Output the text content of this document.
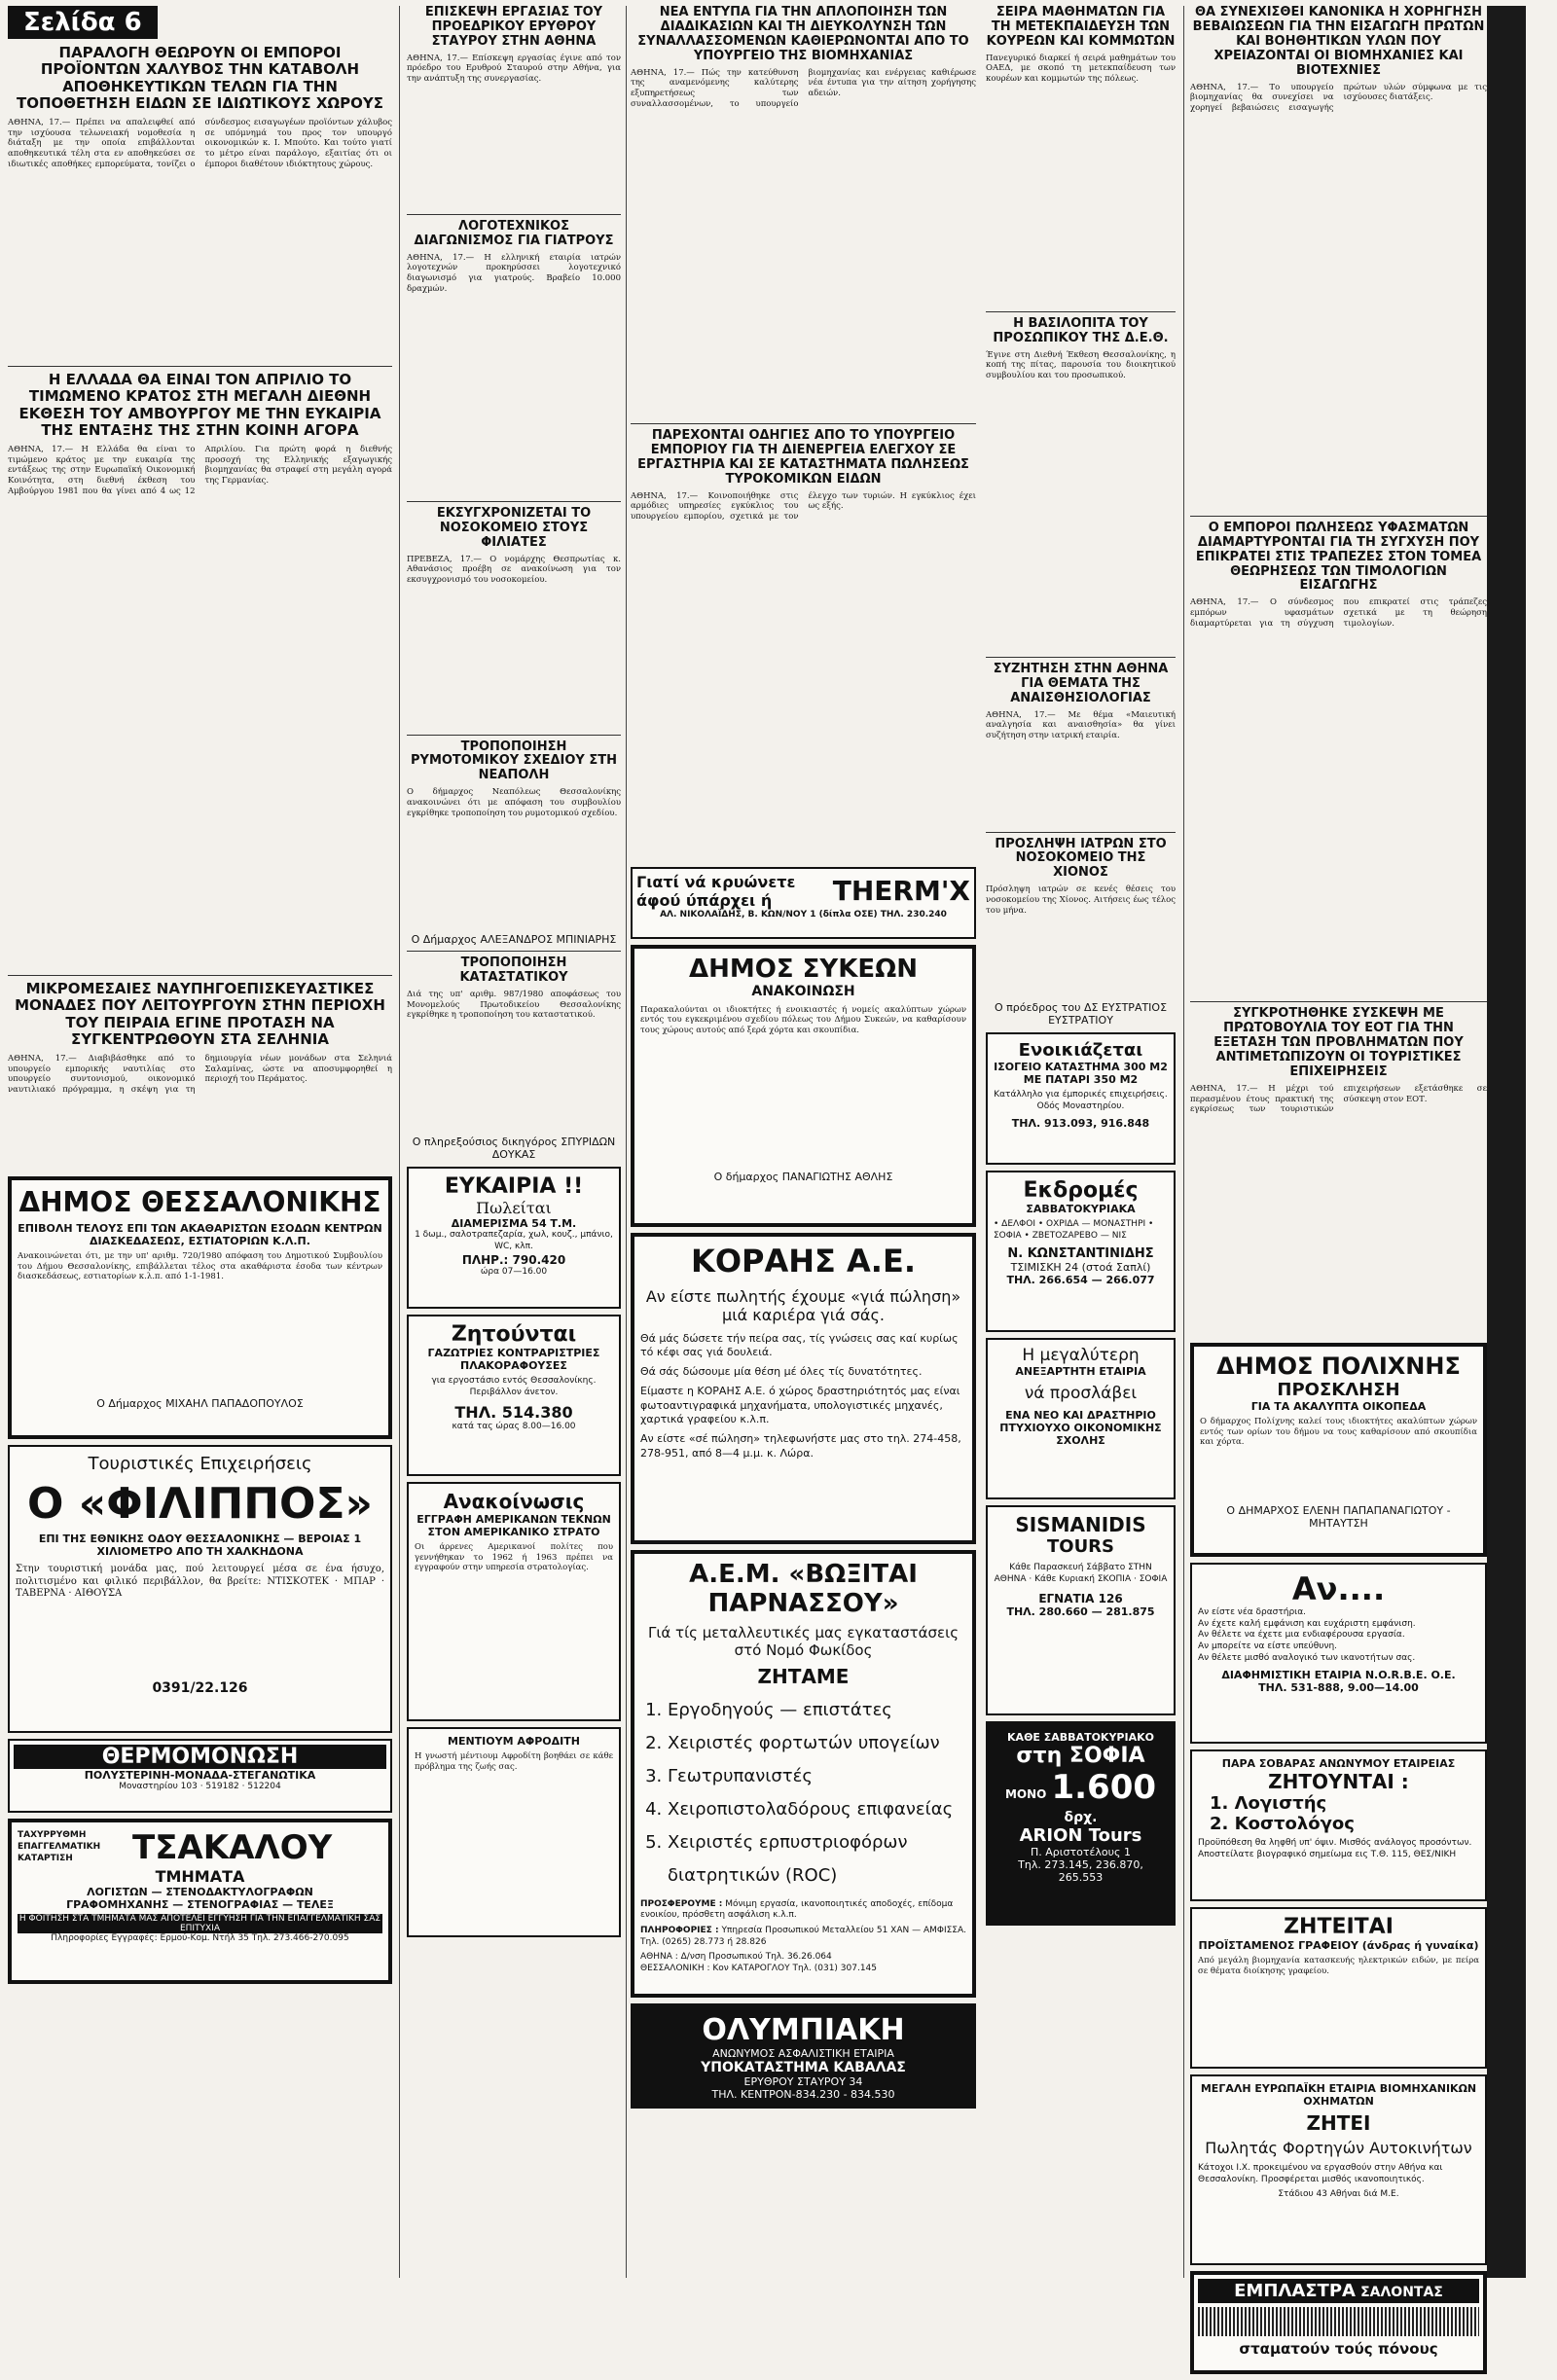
Σελίδα 6
ΠΑΡΑΛΟΓΗ ΘΕΩΡΟΥΝ ΟΙ ΕΜΠΟΡΟΙ ΠΡΟΪΟΝΤΩΝ ΧΑΛΥΒΟΣ ΤΗΝ ΚΑΤΑΒΟΛΗ ΑΠΟΘΗΚΕΥΤΙΚΩΝ ΤΕΛΩΝ ΓΙΑ ΤΗΝ ΤΟΠΟΘΕΤΗΣΗ ΕΙΔΩΝ ΣΕ ΙΔΙΩΤΙΚΟΥΣ ΧΩΡΟΥΣ
ΑΘΗΝΑ, 17.— Πρέπει να απαλειφθεί από την ισχύουσα τελωνειακή νομοθεσία η διάταξη με την οποία επιβάλλονται αποθηκευτικά τέλη στα εν αποθηκεύσει σε ιδιωτικές αποθήκες εμπορεύματα, τονίζει ο σύνδεσμος εισαγωγέων προϊόντων χάλυβος σε υπόμνημά του προς τον υπουργό οικονομικών κ. Ι. Μπούτο. Και τούτο γιατί το μέτρο είναι παράλογο, εξαιτίας ότι οι έμποροι διαθέτουν ιδιόκτητους χώρους.
Η ΕΛΛΑΔΑ ΘΑ ΕΙΝΑΙ ΤΟΝ ΑΠΡΙΛΙΟ ΤΟ ΤΙΜΩΜΕΝΟ ΚΡΑΤΟΣ ΣΤΗ ΜΕΓΑΛΗ ΔΙΕΘΝΗ ΕΚΘΕΣΗ ΤΟΥ ΑΜΒΟΥΡΓΟΥ ΜΕ ΤΗΝ ΕΥΚΑΙΡΙΑ ΤΗΣ ΕΝΤΑΞΗΣ ΤΗΣ ΣΤΗΝ ΚΟΙΝΗ ΑΓΟΡΑ
ΑΘΗΝΑ, 17.— Η Ελλάδα θα είναι το τιμώμενο κράτος με την ευκαιρία της εντάξεως της στην Ευρωπαϊκή Οικονομική Κοινότητα, στη διεθνή έκθεση του Αμβούργου 1981 που θα γίνει από 4 ως 12 Απριλίου. Για πρώτη φορά η διεθνής προσοχή της Ελληνικής εξαγωγικής βιομηχανίας θα στραφεί στη μεγάλη αγορά της Γερμανίας.
ΜΙΚΡΟΜΕΣΑΙΕΣ ΝΑΥΠΗΓΟΕΠΙΣΚΕΥΑΣΤΙΚΕΣ ΜΟΝΑΔΕΣ ΠΟΥ ΛΕΙΤΟΥΡΓΟΥΝ ΣΤΗΝ ΠΕΡΙΟΧΗ ΤΟΥ ΠΕΙΡΑΙΑ ΕΓΙΝΕ ΠΡΟΤΑΣΗ ΝΑ ΣΥΓΚΕΝΤΡΩΘΟΥΝ ΣΤΑ ΣΕΛΗΝΙΑ
ΑΘΗΝΑ, 17.— Διαβιβάσθηκε από το υπουργείο εμπορικής ναυτιλίας στο υπουργείο συντονισμού, οικονομικό ναυτιλιακό πρόγραμμα, η σκέψη για τη δημιουργία νέων μονάδων στα Σεληνιά Σαλαμίνας, ώστε να αποσυμφορηθεί η περιοχή του Περάματος.
ΔΗΜΟΣ ΘΕΣΣΑΛΟΝΙΚΗΣ
ΕΠΙΒΟΛΗ ΤΕΛΟΥΣ ΕΠΙ ΤΩΝ ΑΚΑΘΑΡΙΣΤΩΝ ΕΣΟΔΩΝ ΚΕΝΤΡΩΝ ΔΙΑΣΚΕΔΑΣΕΩΣ, ΕΣΤΙΑΤΟΡΙΩΝ Κ.Λ.Π.
Ανακοινώνεται ότι, με την υπ' αριθμ. 720/1980 απόφαση του Δημοτικού Συμβουλίου του Δήμου Θεσσαλονίκης, επιβάλλεται τέλος στα ακαθάριστα έσοδα των κέντρων διασκεδάσεως, εστιατορίων κ.λ.π. από 1-1-1981.
Ο Δήμαρχος ΜΙΧΑΗΛ ΠΑΠΑΔΟΠΟΥΛΟΣ
Τουριστικές Επιχειρήσεις
Ο «ΦΙΛΙΠΠΟΣ»
ΕΠΙ ΤΗΣ ΕΘΝΙΚΗΣ ΟΔΟΥ ΘΕΣΣΑΛΟΝΙΚΗΣ — ΒΕΡΟΙΑΣ 1 ΧΙΛΙΟΜΕΤΡΟ ΑΠΟ ΤΗ ΧΑΛΚΗΔΟΝΑ
Στην τουριστική μονάδα μας, πού λειτουργεί μέσα σε ένα ήσυχο, πολιτισμένο και φιλικό περιβάλλον, θα βρείτε: ΝΤΙΣΚΟΤΕΚ · ΜΠΑΡ · ΤΑΒΕΡΝΑ · ΑΙΘΟΥΣΑ
0391/22.126
ΘΕΡΜΟΜΟΝΩΣΗ
ΠΟΛΥΣΤΕΡΙΝΗ-ΜΟΝΑΔΑ-ΣΤΕΓΑΝΩΤΙΚΑ
Μοναστηρίου 103 · 519182 · 512204
ΤΑΧΥΡΡΥΘΜΗ ΕΠΑΓΓΕΛΜΑΤΙΚΗ ΚΑΤΑΡΤΙΣΗ	ΤΣΑΚΑΛΟΥ
ΤΜΗΜΑΤΑ
ΛΟΓΙΣΤΩΝ — ΣΤΕΝΟΔΑΚΤΥΛΟΓΡΑΦΩΝ
ΓΡΑΦΟΜΗΧΑΝΗΣ — ΣΤΕΝΟΓΡΑΦΙΑΣ — ΤΕΛΕΞ
Η ΦΟΙΤΗΣΗ ΣΤΑ ΤΜΗΜΑΤΑ ΜΑΣ ΑΠΟΤΕΛΕΙ ΕΓΓΥΗΣΗ ΓΙΑ ΤΗΝ ΕΠΑΓΓΕΛΜΑΤΙΚΗ ΣΑΣ ΕΠΙΤΥΧΙΑ
Πληροφορίες Εγγραφές: Ερμού-Κομ. Ντήλ 35 Τηλ. 273.466-270.095
ΕΠΙΣΚΕΨΗ ΕΡΓΑΣΙΑΣ ΤΟΥ ΠΡΟΕΔΡΙΚΟΥ ΕΡΥΘΡΟΥ ΣΤΑΥΡΟΥ ΣΤΗΝ ΑΘΗΝΑ
ΑΘΗΝΑ, 17.— Επίσκεψη εργασίας έγινε από τον πρόεδρο του Ερυθρού Σταυρού στην Αθήνα, για την ανάπτυξη της συνεργασίας.
ΛΟΓΟΤΕΧΝΙΚΟΣ ΔΙΑΓΩΝΙΣΜΟΣ ΓΙΑ ΓΙΑΤΡΟΥΣ
ΑΘΗΝΑ, 17.— Η ελληνική εταιρία ιατρών λογοτεχνών προκηρύσσει λογοτεχνικό διαγωνισμό για γιατρούς. Βραβείο 10.000 δραχμών.
ΕΚΣΥΓΧΡΟΝΙΖΕΤΑΙ ΤΟ ΝΟΣΟΚΟΜΕΙΟ ΣΤΟΥΣ ΦΙΛΙΑΤΕΣ
ΠΡΕΒΕΖΑ, 17.— Ο νομάρχης Θεσπρωτίας κ. Αθανάσιος προέβη σε ανακοίνωση για τον εκσυγχρονισμό του νοσοκομείου.
ΤΡΟΠΟΠΟΙΗΣΗ ΡΥΜΟΤΟΜΙΚΟΥ ΣΧΕΔΙΟΥ ΣΤΗ ΝΕΑΠΟΛΗ
Ο δήμαρχος Νεαπόλεως Θεσσαλονίκης ανακοινώνει ότι με απόφαση του συμβουλίου εγκρίθηκε τροποποίηση του ρυμοτομικού σχεδίου.
Ο Δήμαρχος ΑΛΕΞΑΝΔΡΟΣ ΜΠΙΝΙΑΡΗΣ
ΤΡΟΠΟΠΟΙΗΣΗ ΚΑΤΑΣΤΑΤΙΚΟΥ
Διά της υπ' αριθμ. 987/1980 αποφάσεως του Μονομελούς Πρωτοδικείου Θεσσαλονίκης εγκρίθηκε η τροποποίηση του καταστατικού.
Ο πληρεξούσιος δικηγόρος ΣΠΥΡΙΔΩΝ ΔΟΥΚΑΣ
ΕΥΚΑΙΡΙΑ !!
Πωλείται
ΔΙΑΜΕΡΙΣΜΑ 54 Τ.Μ.
1 δωμ., σαλοτραπεζαρία, χωλ, κουζ., μπάνιο, WC, κλπ.
ΠΛΗΡ.: 790.420
ώρα 07—16.00
Ζητούνται
ΓΑΖΩΤΡΙΕΣ ΚΟΝΤΡΑΡΙΣΤΡΙΕΣ ΠΛΑΚΟΡΑΦΟΥΣΕΣ
για εργοστάσιο εντός Θεσσαλονίκης. Περιβάλλον άνετον.
ΤΗΛ. 514.380
κατά τας ώρας 8.00—16.00
Ανακοίνωσις
ΕΓΓΡΑΦΗ ΑΜΕΡΙΚΑΝΩΝ ΤΕΚΝΩΝ ΣΤΟΝ ΑΜΕΡΙΚΑΝΙΚΟ ΣΤΡΑΤΟ
Οι άρρενες Αμερικανοί πολίτες που γεννήθηκαν το 1962 ή 1963 πρέπει να εγγραφούν στην υπηρεσία στρατολογίας.
ΜΕΝΤΙΟΥΜ ΑΦΡΟΔΙΤΗ
Η γνωστή μέντιουμ Αφροδίτη βοηθάει σε κάθε πρόβλημα της ζωής σας.
ΝΕΑ ΕΝΤΥΠΑ ΓΙΑ ΤΗΝ ΑΠΛΟΠΟΙΗΣΗ ΤΩΝ ΔΙΑΔΙΚΑΣΙΩΝ ΚΑΙ ΤΗ ΔΙΕΥΚΟΛΥΝΣΗ ΤΩΝ ΣΥΝΑΛΛΑΣΣΟΜΕΝΩΝ ΚΑΘΙΕΡΩΝΟΝΤΑΙ ΑΠΟ ΤΟ ΥΠΟΥΡΓΕΙΟ ΤΗΣ ΒΙΟΜΗΧΑΝΙΑΣ
ΑΘΗΝΑ, 17.— Πώς την κατεύθυνση της αναμενόμενης καλύτερης εξυπηρετήσεως των συναλλασσομένων, το υπουργείο βιομηχανίας και ενέργειας καθιέρωσε νέα έντυπα για την αίτηση χορήγησης αδειών.
ΠΑΡΕΧΟΝΤΑΙ ΟΔΗΓΙΕΣ ΑΠΟ ΤΟ ΥΠΟΥΡΓΕΙΟ ΕΜΠΟΡΙΟΥ ΓΙΑ ΤΗ ΔΙΕΝΕΡΓΕΙΑ ΕΛΕΓΧΟΥ ΣΕ ΕΡΓΑΣΤΗΡΙΑ ΚΑΙ ΣΕ ΚΑΤΑΣΤΗΜΑΤΑ ΠΩΛΗΣΕΩΣ ΤΥΡΟΚΟΜΙΚΩΝ ΕΙΔΩΝ
ΑΘΗΝΑ, 17.— Κοινοποιήθηκε στις αρμόδιες υπηρεσίες εγκύκλιος του υπουργείου εμπορίου, σχετικά με τον έλεγχο των τυριών. Η εγκύκλιος έχει ως εξής.
Γιατί νά κρυώνετε
άφού ύπάρχει ή	THERM'X
ΑΛ. ΝΙΚΟΛΑΪΔΗΣ, Β. ΚΩΝ/ΝΟΥ 1 (δίπλα ΟΣΕ) ΤΗΛ. 230.240
ΔΗΜΟΣ ΣΥΚΕΩΝ
ΑΝΑΚΟΙΝΩΣΗ
Παρακαλούνται οι ιδιοκτήτες ή ενοικιαστές ή νομείς ακαλύπτων χώρων εντός του εγκεκριμένου σχεδίου πόλεως του Δήμου Συκεών, να καθαρίσουν τους χώρους αυτούς από ξερά χόρτα και σκουπίδια.
Ο δήμαρχος ΠΑΝΑΓΙΩΤΗΣ ΑΘΛΗΣ
ΚΟΡΑΗΣ Α.Ε.
Αν είστε πωλητής έχουμε «γιά πώληση» μιά καριέρα γιά σάς.
Θά μάς δώσετε τήν πείρα σας, τίς γνώσεις σας καί κυρίως τό κέφι σας γιά δουλειά.
Θά σάς δώσουμε μία θέση μέ όλες τίς δυνατότητες.
Είμαστε η ΚΟΡΑΗΣ Α.Ε. ό χώρος δραστηριότητός μας είναι φωτοαντιγραφικά μηχανήματα, υπολογιστικές μηχανές, χαρτικά γραφείου κ.λ.π.
Αν είστε «σέ πώληση» τηλεφωνήστε μας στο τηλ. 274-458, 278-951, από 8—4 μ.μ. κ. Λώρα.
Α.Ε.Μ. «ΒΩΞΙΤΑΙ ΠΑΡΝΑΣΣΟΥ»
Γιά τίς μεταλλευτικές μας εγκαταστάσεις στό Νομό Φωκίδος
ΖΗΤΑΜΕ
1. Εργοδηγούς — επιστάτες
2. Χειριστές φορτωτών υπογείων
3. Γεωτρυπανιστές
4. Χειροπιστολαδόρους επιφανείας
5. Χειριστές ερπυστριοφόρων διατρητικών (ROC)
ΠΡΟΣΦΕΡΟΥΜΕ : Μόνιμη εργασία, ικανοποιητικές αποδοχές, επίδομα ενοικίου, πρόσθετη ασφάλιση κ.λ.π.
ΠΛΗΡΟΦΟΡΙΕΣ : Υπηρεσία Προσωπικού Μεταλλείου 51 ΧΑΝ — ΑΜΦΙΣΣΑ. Τηλ. (0265) 28.773 ή 28.826
ΑΘΗΝΑ : Δ/νση Προσωπικού Τηλ. 36.26.064
ΘΕΣΣΑΛΟΝΙΚΗ : Κον ΚΑΤΑΡΟΓΛΟΥ Τηλ. (031) 307.145
ΟΛΥΜΠΙΑΚΗ
ΑΝΩΝΥΜΟΣ ΑΣΦΑΛΙΣΤΙΚΗ ΕΤΑΙΡΙΑ
ΥΠΟΚΑΤΑΣΤΗΜΑ ΚΑΒΑΛΑΣ
ΕΡΥΘΡΟΥ ΣΤΑΥΡΟΥ 34
ΤΗΛ. ΚΕΝΤΡΟΝ-834.230 - 834.530
ΣΕΙΡΑ ΜΑΘΗΜΑΤΩΝ ΓΙΑ ΤΗ ΜΕΤΕΚΠΑΙΔΕΥΣΗ ΤΩΝ ΚΟΥΡΕΩΝ ΚΑΙ ΚΟΜΜΩΤΩΝ
Πανεγυρικό διαρκεί ή σειρά μαθημάτων του ΟΑΕΔ, με σκοπό τη μετεκπαίδευση των κουρέων και κομμωτών της πόλεως.
Η ΒΑΣΙΛΟΠΙΤΑ ΤΟΥ ΠΡΟΣΩΠΙΚΟΥ ΤΗΣ Δ.Ε.Θ.
Έγινε στη Διεθνή Έκθεση Θεσσαλονίκης, η κοπή της πίτας, παρουσία του διοικητικού συμβουλίου και του προσωπικού.
ΣΥΖΗΤΗΣΗ ΣΤΗΝ ΑΘΗΝΑ ΓΙΑ ΘΕΜΑΤΑ ΤΗΣ ΑΝΑΙΣΘΗΣΙΟΛΟΓΙΑΣ
ΑΘΗΝΑ, 17.— Με θέμα «Μαιευτική αναλγησία και αναισθησία» θα γίνει συζήτηση στην ιατρική εταιρία.
ΠΡΟΣΛΗΨΗ ΙΑΤΡΩΝ ΣΤΟ ΝΟΣΟΚΟΜΕΙΟ ΤΗΣ ΧΙΟΝΟΣ
Πρόσληψη ιατρών σε κενές θέσεις του νοσοκομείου της Χίονος. Αιτήσεις έως τέλος του μήνα.
Ο πρόεδρος του ΔΣ ΕΥΣΤΡΑΤΙΟΣ ΕΥΣΤΡΑΤΙΟΥ
Ενοικιάζεται
ΙΣΟΓΕΙΟ ΚΑΤΑΣΤΗΜΑ 300 Μ2 ΜΕ ΠΑΤΑΡΙ 350 Μ2
Κατάλληλο για έμπορικές επιχειρήσεις. Οδός Μοναστηρίου.
ΤΗΛ. 913.093, 916.848
Εκδρομές
ΣΑΒΒΑΤΟΚΥΡΙΑΚΑ
• ΔΕΛΦΟΙ • ΟΧΡΙΔΑ — ΜΟΝΑΣΤΗΡΙ • ΣΟΦΙΑ • ΖΒΕΤΟΖΑΡΕΒΟ — ΝΙΣ
Ν. ΚΩΝΣΤΑΝΤΙΝΙΔΗΣ
ΤΣΙΜΙΣΚΗ 24 (στοά Σαπλί)
ΤΗΛ. 266.654 — 266.077
Η μεγαλύτερη
ΑΝΕΞΑΡΤΗΤΗ ΕΤΑΙΡΙΑ
νά προσλάβει
ΕΝΑ ΝΕΟ ΚΑΙ ΔΡΑΣΤΗΡΙΟ ΠΤΥΧΙΟΥΧΟ ΟΙΚΟΝΟΜΙΚΗΣ ΣΧΟΛΗΣ
SISMANIDIS
TOURS
Κάθε Παρασκευή Σάββατο ΣΤΗΝ ΑΘΗΝΑ · Κάθε Κυριακή ΣΚΟΠΙΑ · ΣΟΦΙΑ
ΕΓΝΑΤΙΑ 126
ΤΗΛ. 280.660 — 281.875
ΚΑΘΕ ΣΑΒΒΑΤΟΚΥΡΙΑΚΟ
στη ΣΟΦΙΑ
ΜΟΝΟ 1.600 δρχ.
ARION Tours
Π. Αριστοτέλους 1
Τηλ. 273.145, 236.870, 265.553
ΘΑ ΣΥΝΕΧΙΣΘΕΙ ΚΑΝΟΝΙΚΑ Η ΧΟΡΗΓΗΣΗ ΒΕΒΑΙΩΣΕΩΝ ΓΙΑ ΤΗΝ ΕΙΣΑΓΩΓΗ ΠΡΩΤΩΝ ΚΑΙ ΒΟΗΘΗΤΙΚΩΝ ΥΛΩΝ ΠΟΥ ΧΡΕΙΑΖΟΝΤΑΙ ΟΙ ΒΙΟΜΗΧΑΝΙΕΣ ΚΑΙ ΒΙΟΤΕΧΝΙΕΣ
ΑΘΗΝΑ, 17.— Το υπουργείο βιομηχανίας θα συνεχίσει να χορηγεί βεβαιώσεις εισαγωγής πρώτων υλών σύμφωνα με τις ισχύουσες διατάξεις.
Ο ΕΜΠΟΡΟΙ ΠΩΛΗΣΕΩΣ ΥΦΑΣΜΑΤΩΝ ΔΙΑΜΑΡΤΥΡΟΝΤΑΙ ΓΙΑ ΤΗ ΣΥΓΧΥΣΗ ΠΟΥ ΕΠΙΚΡΑΤΕΙ ΣΤΙΣ ΤΡΑΠΕΖΕΣ ΣΤΟΝ ΤΟΜΕΑ ΘΕΩΡΗΣΕΩΣ ΤΩΝ ΤΙΜΟΛΟΓΙΩΝ ΕΙΣΑΓΩΓΗΣ
ΑΘΗΝΑ, 17.— Ο σύνδεσμος εμπόρων υφασμάτων διαμαρτύρεται για τη σύγχυση που επικρατεί στις τράπεζες σχετικά με τη θεώρηση τιμολογίων.
ΣΥΓΚΡΟΤΗΘΗΚΕ ΣΥΣΚΕΨΗ ΜΕ ΠΡΩΤΟΒΟΥΛΙΑ ΤΟΥ ΕΟΤ ΓΙΑ ΤΗΝ ΕΞΕΤΑΣΗ ΤΩΝ ΠΡΟΒΛΗΜΑΤΩΝ ΠΟΥ ΑΝΤΙΜΕΤΩΠΙΖΟΥΝ ΟΙ ΤΟΥΡΙΣΤΙΚΕΣ ΕΠΙΧΕΙΡΗΣΕΙΣ
ΑΘΗΝΑ, 17.— Η μέχρι τού περασμένου έτους πρακτική της εγκρίσεως των τουριστικών επιχειρήσεων εξετάσθηκε σε σύσκεψη στον ΕΟΤ.
ΔΗΜΟΣ ΠΟΛΙΧΝΗΣ
ΠΡΟΣΚΛΗΣΗ
ΓΙΑ ΤΑ ΑΚΑΛΥΠΤΑ ΟΙΚΟΠΕΔΑ
Ο δήμαρχος Πολίχνης καλεί τους ιδιοκτήτες ακαλύπτων χώρων εντός των ορίων του δήμου να τους καθαρίσουν από σκουπίδια και χόρτα.
Ο ΔΗΜΑΡΧΟΣ ΕΛΕΝΗ ΠΑΠΑΠΑΝΑΓΙΩΤΟΥ - ΜΗΤΑΥΤΣΗ
Αν....
Αν είστε νέα δραστήρια.
Αν έχετε καλή εμφάνιση και ευχάριστη εμφάνιση.
Αν θέλετε να έχετε μια ενδιαφέρουσα εργασία.
Αν μπορείτε να είστε υπεύθυνη.
Αν θέλετε μισθό αναλογικό των ικανοτήτων σας.
ΔΙΑΦΗΜΙΣΤΙΚΗ ΕΤΑΙΡΙΑ N.O.R.B.E. Ο.Ε.
ΤΗΛ. 531-888, 9.00—14.00
ΠΑΡΑ ΣΟΒΑΡΑΣ ΑΝΩΝΥΜΟΥ ΕΤΑΙΡΕΙΑΣ
ΖΗΤΟΥΝΤΑΙ :
1. Λογιστής
2. Κοστολόγος
Προϋπόθεση θα ληφθή υπ' όψιν. Μισθός ανάλογος προσόντων. Αποστείλατε βιογραφικό σημείωμα εις Τ.Θ. 115, ΘΕΣ/ΝΙΚΗ
ΖΗΤΕΙΤΑΙ
ΠΡΟΪΣΤΑΜΕΝΟΣ ΓΡΑΦΕΙΟΥ (άνδρας ή γυναίκα)
Από μεγάλη βιομηχανία κατασκευής ηλεκτρικών ειδών, με πείρα σε θέματα διοίκησης γραφείου.
ΜΕΓΑΛΗ ΕΥΡΩΠΑΪΚΗ ΕΤΑΙΡΙΑ ΒΙΟΜΗΧΑΝΙΚΩΝ ΟΧΗΜΑΤΩΝ
ΖΗΤΕΙ
Πωλητάς Φορτηγών Αυτοκινήτων
Κάτοχοι Ι.Χ. προκειμένου να εργασθούν στην Αθήνα και Θεσσαλονίκη. Προσφέρεται μισθός ικανοποιητικός.
Στάδιου 43 Αθήναι διά Μ.Ε.
ΕΜΠΛΑΣΤΡΑ ΣΑΛΟΝΤΑΣ
σταματούν τούς πόνους
